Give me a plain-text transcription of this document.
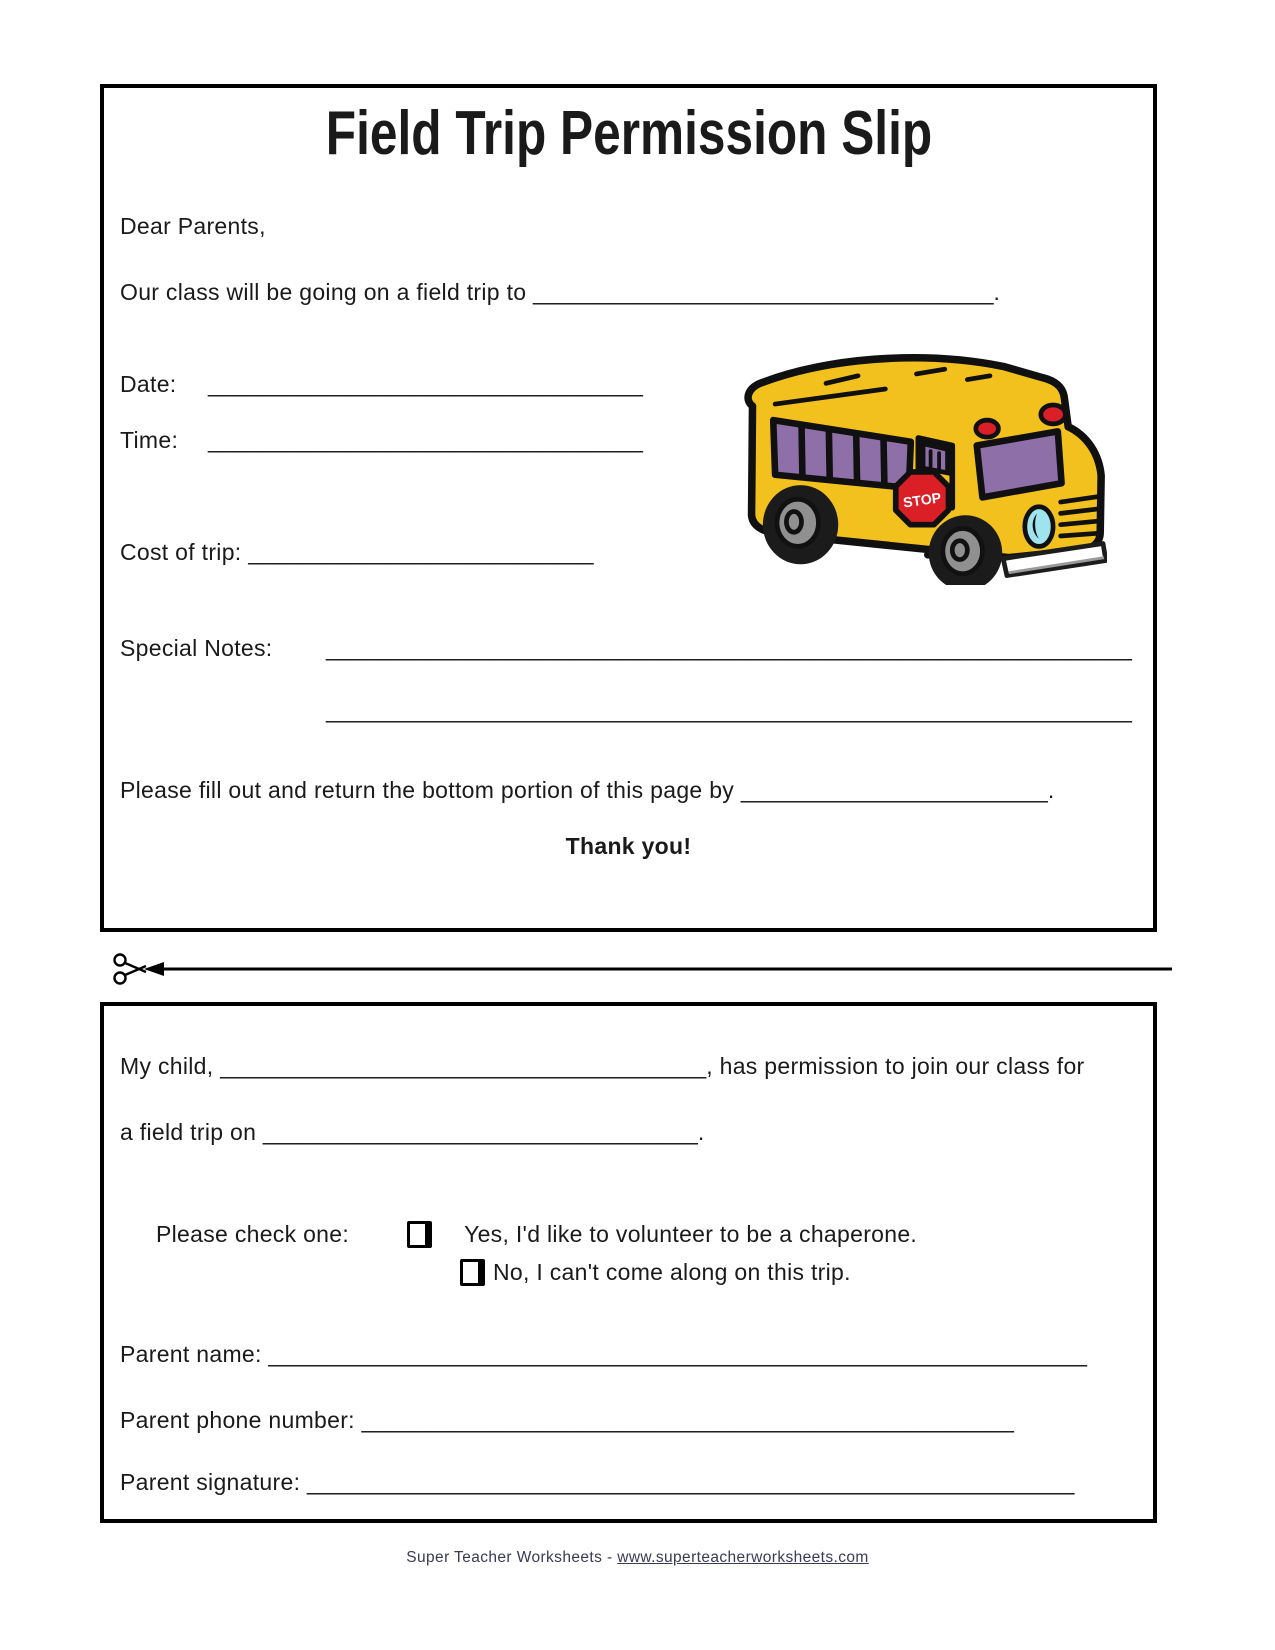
Field Trip Permission Slip
Dear Parents,
Our class will be going on a field trip to ____________________________________.
Date:	__________________________________
Time:	__________________________________
Cost of trip: ___________________________
Special Notes:	_______________________________________________________________
_______________________________________________________________
Please fill out and return the bottom portion of this page by ________________________.
Thank you!
STOP
My child, ______________________________________, has permission to join our class for
a field trip on __________________________________.
Please check one:	Yes, I'd like to volunteer to be a chaperone.
No, I can't come along on this trip.
Parent name: ________________________________________________________________
Parent phone number: ___________________________________________________
Parent signature: ____________________________________________________________
Super Teacher Worksheets - www.superteacherworksheets.com
